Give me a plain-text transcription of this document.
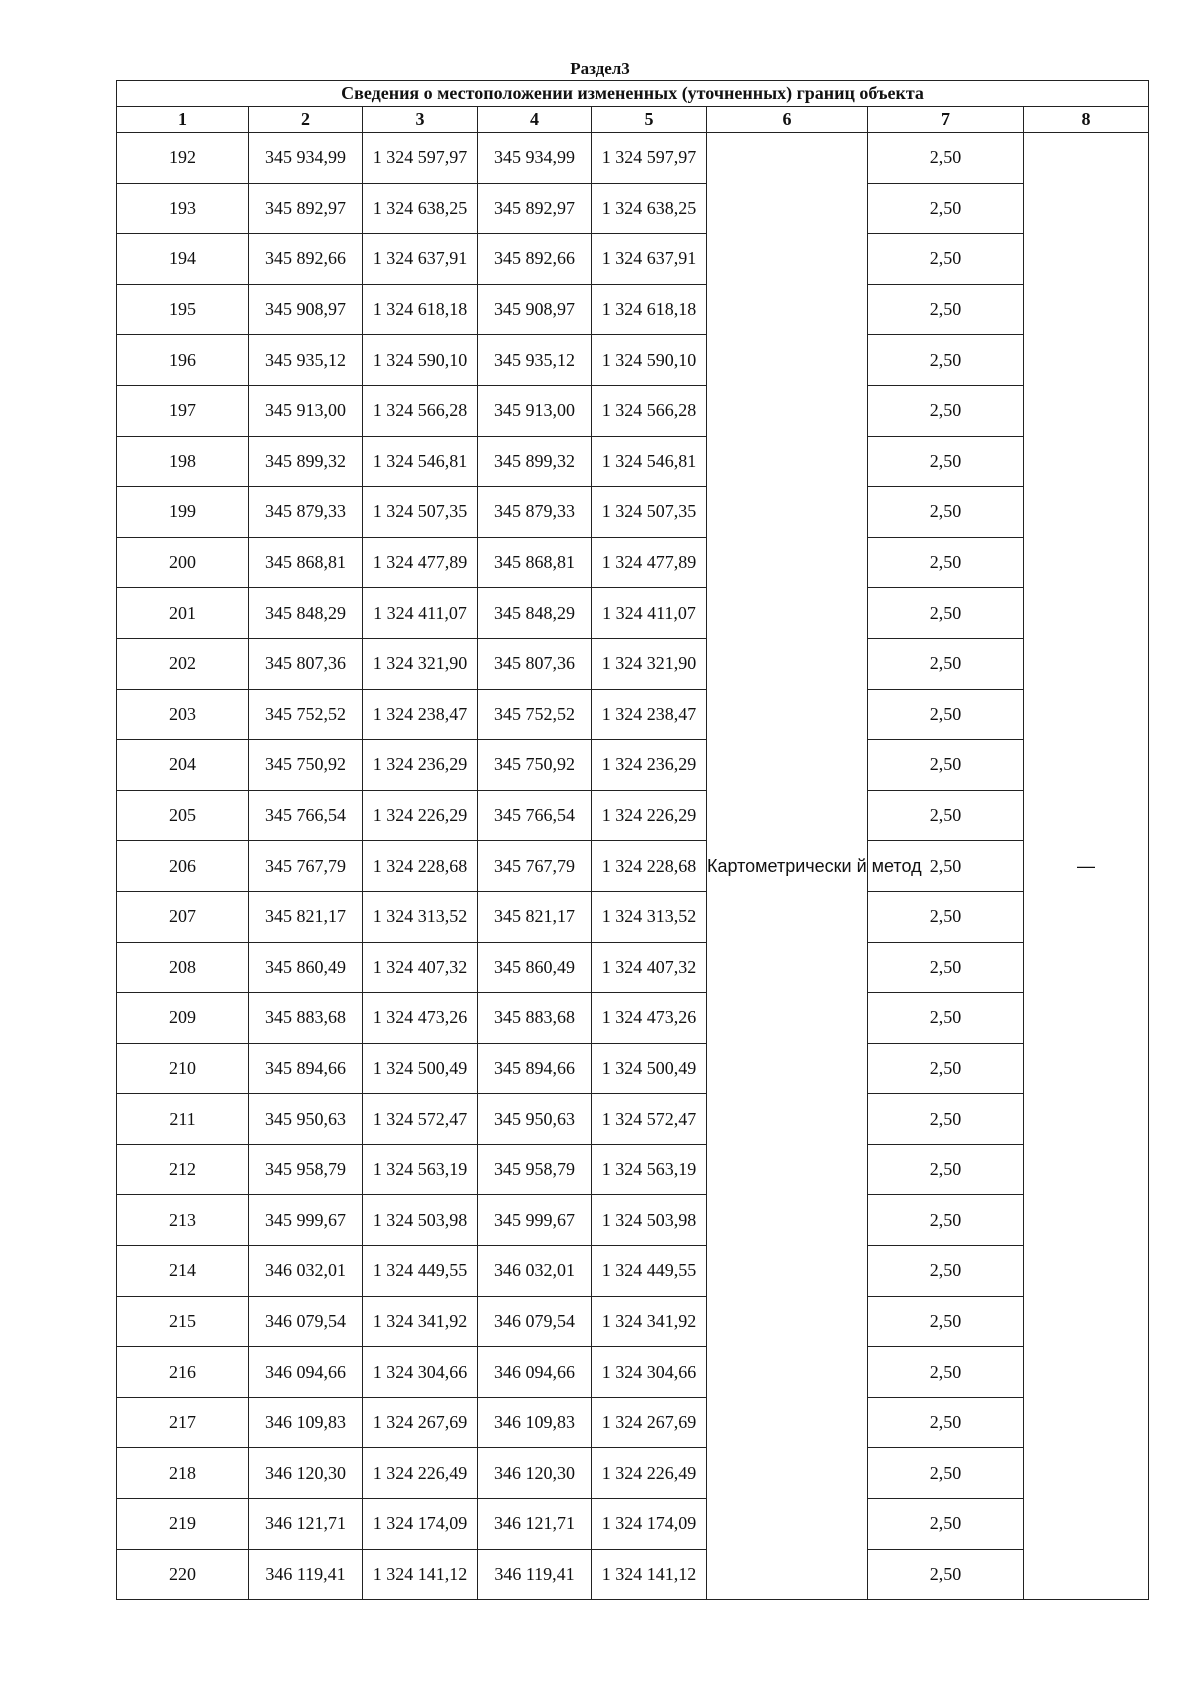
Раздел3
Сведения о местоположении измененных (уточненных) границ объекта							
1	2	3	4	5	6	7	8
192	345 934,99	1 324 597,97	345 934,99	1 324 597,97	Картометрически й метод	2,50	—
193	345 892,97	1 324 638,25	345 892,97	1 324 638,25		2,50	
194	345 892,66	1 324 637,91	345 892,66	1 324 637,91		2,50	
195	345 908,97	1 324 618,18	345 908,97	1 324 618,18		2,50	
196	345 935,12	1 324 590,10	345 935,12	1 324 590,10		2,50	
197	345 913,00	1 324 566,28	345 913,00	1 324 566,28		2,50	
198	345 899,32	1 324 546,81	345 899,32	1 324 546,81		2,50	
199	345 879,33	1 324 507,35	345 879,33	1 324 507,35		2,50	
200	345 868,81	1 324 477,89	345 868,81	1 324 477,89		2,50	
201	345 848,29	1 324 411,07	345 848,29	1 324 411,07		2,50	
202	345 807,36	1 324 321,90	345 807,36	1 324 321,90		2,50	
203	345 752,52	1 324 238,47	345 752,52	1 324 238,47		2,50	
204	345 750,92	1 324 236,29	345 750,92	1 324 236,29		2,50	
205	345 766,54	1 324 226,29	345 766,54	1 324 226,29		2,50	
206	345 767,79	1 324 228,68	345 767,79	1 324 228,68		2,50	
207	345 821,17	1 324 313,52	345 821,17	1 324 313,52		2,50	
208	345 860,49	1 324 407,32	345 860,49	1 324 407,32		2,50	
209	345 883,68	1 324 473,26	345 883,68	1 324 473,26		2,50	
210	345 894,66	1 324 500,49	345 894,66	1 324 500,49		2,50	
211	345 950,63	1 324 572,47	345 950,63	1 324 572,47		2,50	
212	345 958,79	1 324 563,19	345 958,79	1 324 563,19		2,50	
213	345 999,67	1 324 503,98	345 999,67	1 324 503,98		2,50	
214	346 032,01	1 324 449,55	346 032,01	1 324 449,55		2,50	
215	346 079,54	1 324 341,92	346 079,54	1 324 341,92		2,50	
216	346 094,66	1 324 304,66	346 094,66	1 324 304,66		2,50	
217	346 109,83	1 324 267,69	346 109,83	1 324 267,69		2,50	
218	346 120,30	1 324 226,49	346 120,30	1 324 226,49		2,50	
219	346 121,71	1 324 174,09	346 121,71	1 324 174,09		2,50	
220	346 119,41	1 324 141,12	346 119,41	1 324 141,12		2,50	
